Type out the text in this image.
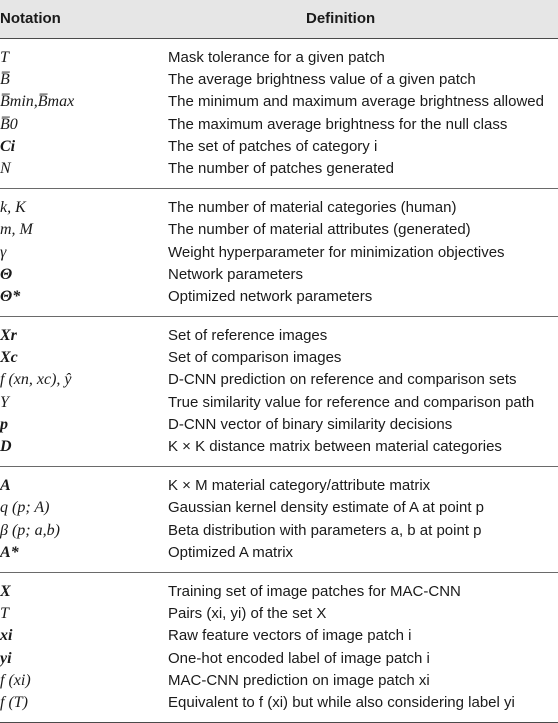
Notation	Definition
T	Mask tolerance for a given patch
B̅	The average brightness value of a given patch
B̅min,B̅max	The minimum and maximum average brightness allowed
B̅0	The maximum average brightness for the null class
Ci	The set of patches of category i
N	The number of patches generated
k, K	The number of material categories (human)
m, M	The number of material attributes (generated)
γ	Weight hyperparameter for minimization objectives
Θ	Network parameters
Θ*	Optimized network parameters
Xr	Set of reference images
Xc	Set of comparison images
f (xn, xc), ŷ	D-CNN prediction on reference and comparison sets
Y	True similarity value for reference and comparison path
p	D-CNN vector of binary similarity decisions
D	K × K distance matrix between material categories
A	K × M material category/attribute matrix
q (p; A)	Gaussian kernel density estimate of A at point p
β (p; a,b)	Beta distribution with parameters a, b at point p
A*	Optimized A matrix
X	Training set of image patches for MAC-CNN
T	Pairs (xi, yi) of the set X
xi	Raw feature vectors of image patch i
yi	One-hot encoded label of image patch i
f (xi)	MAC-CNN prediction on image patch xi
f (T)	Equivalent to f (xi) but while also considering label yi
